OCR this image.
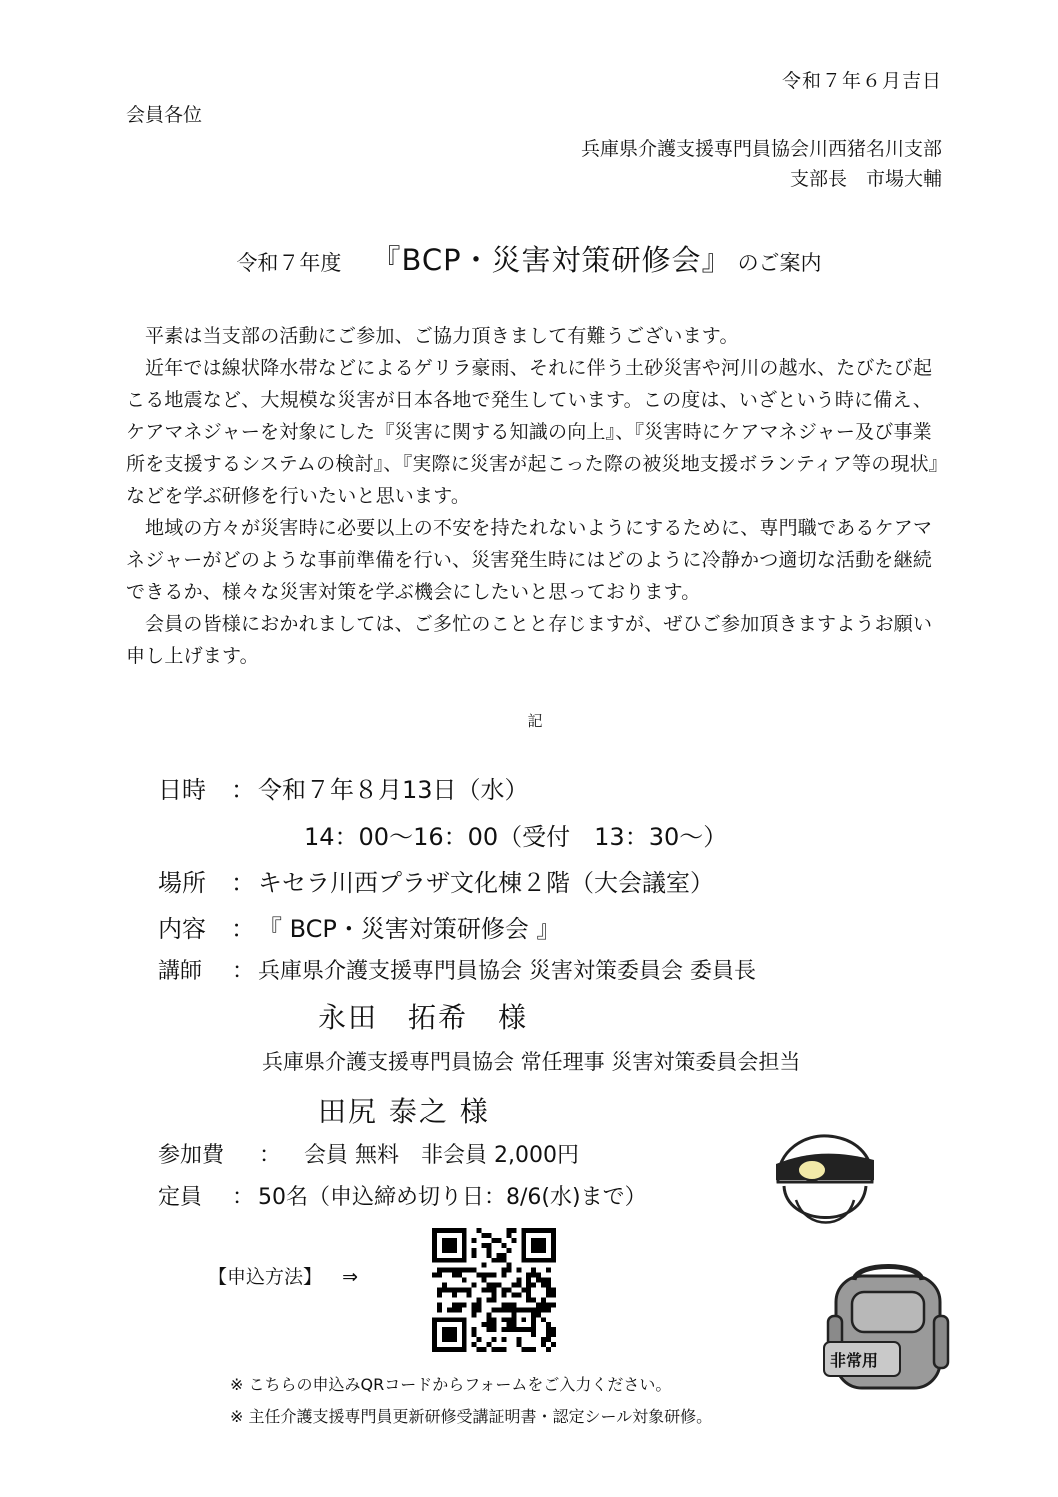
令和７年６月吉日
会員各位
兵庫県介護支援専門員協会川西猪名川支部
支部長　市場大輔
令和７年度 『BCP・災害対策研修会』 のご案内

平素は当支部の活動にご参加、ご協力頂きまして有難うございます。

近年では線状降水帯などによるゲリラ豪雨、それに伴う土砂災害や河川の越水、たびたび起こる地震など、大規模な災害が日本各地で発生しています。この度は、いざという時に備え、ケアマネジャーを対象にした『災害に関する知識の向上』、『災害時にケアマネジャー及び事業所を支援するシステムの検討』、『実際に災害が起こった際の被災地支援ボランティア等の現状』などを学ぶ研修を行いたいと思います。

地域の方々が災害時に必要以上の不安を持たれないようにするために、専門職であるケアマネジャーがどのような事前準備を行い、災害発生時にはどのように冷静かつ適切な活動を継続できるか、様々な災害対策を学ぶ機会にしたいと思っております。

会員の皆様におかれましては、ご多忙のことと存じますが、ぜひご参加頂きますようお願い申し上げます。

記
日時 ： 令和７年８月13日（水）
14：00～16：00（受付　13：30～）
場所 ： キセラ川西プラザ文化棟２階（大会議室）
内容 ： 『 BCP・災害対策研修会 』
講師 ： 兵庫県介護支援専門員協会 災害対策委員会 委員長
永田　拓希　様
兵庫県介護支援専門員協会 常任理事 災害対策委員会担当
田尻 泰之 様
参加費 ： 会員 無料　非会員 2,000円
定員 ： 50名（申込締め切り日：8/6(水)まで）
【申込方法】 ⇒
※ こちらの申込みQRコードからフォームをご入力ください。
※ 主任介護支援専門員更新研修受講証明書・認定シール対象研修。
非常用
